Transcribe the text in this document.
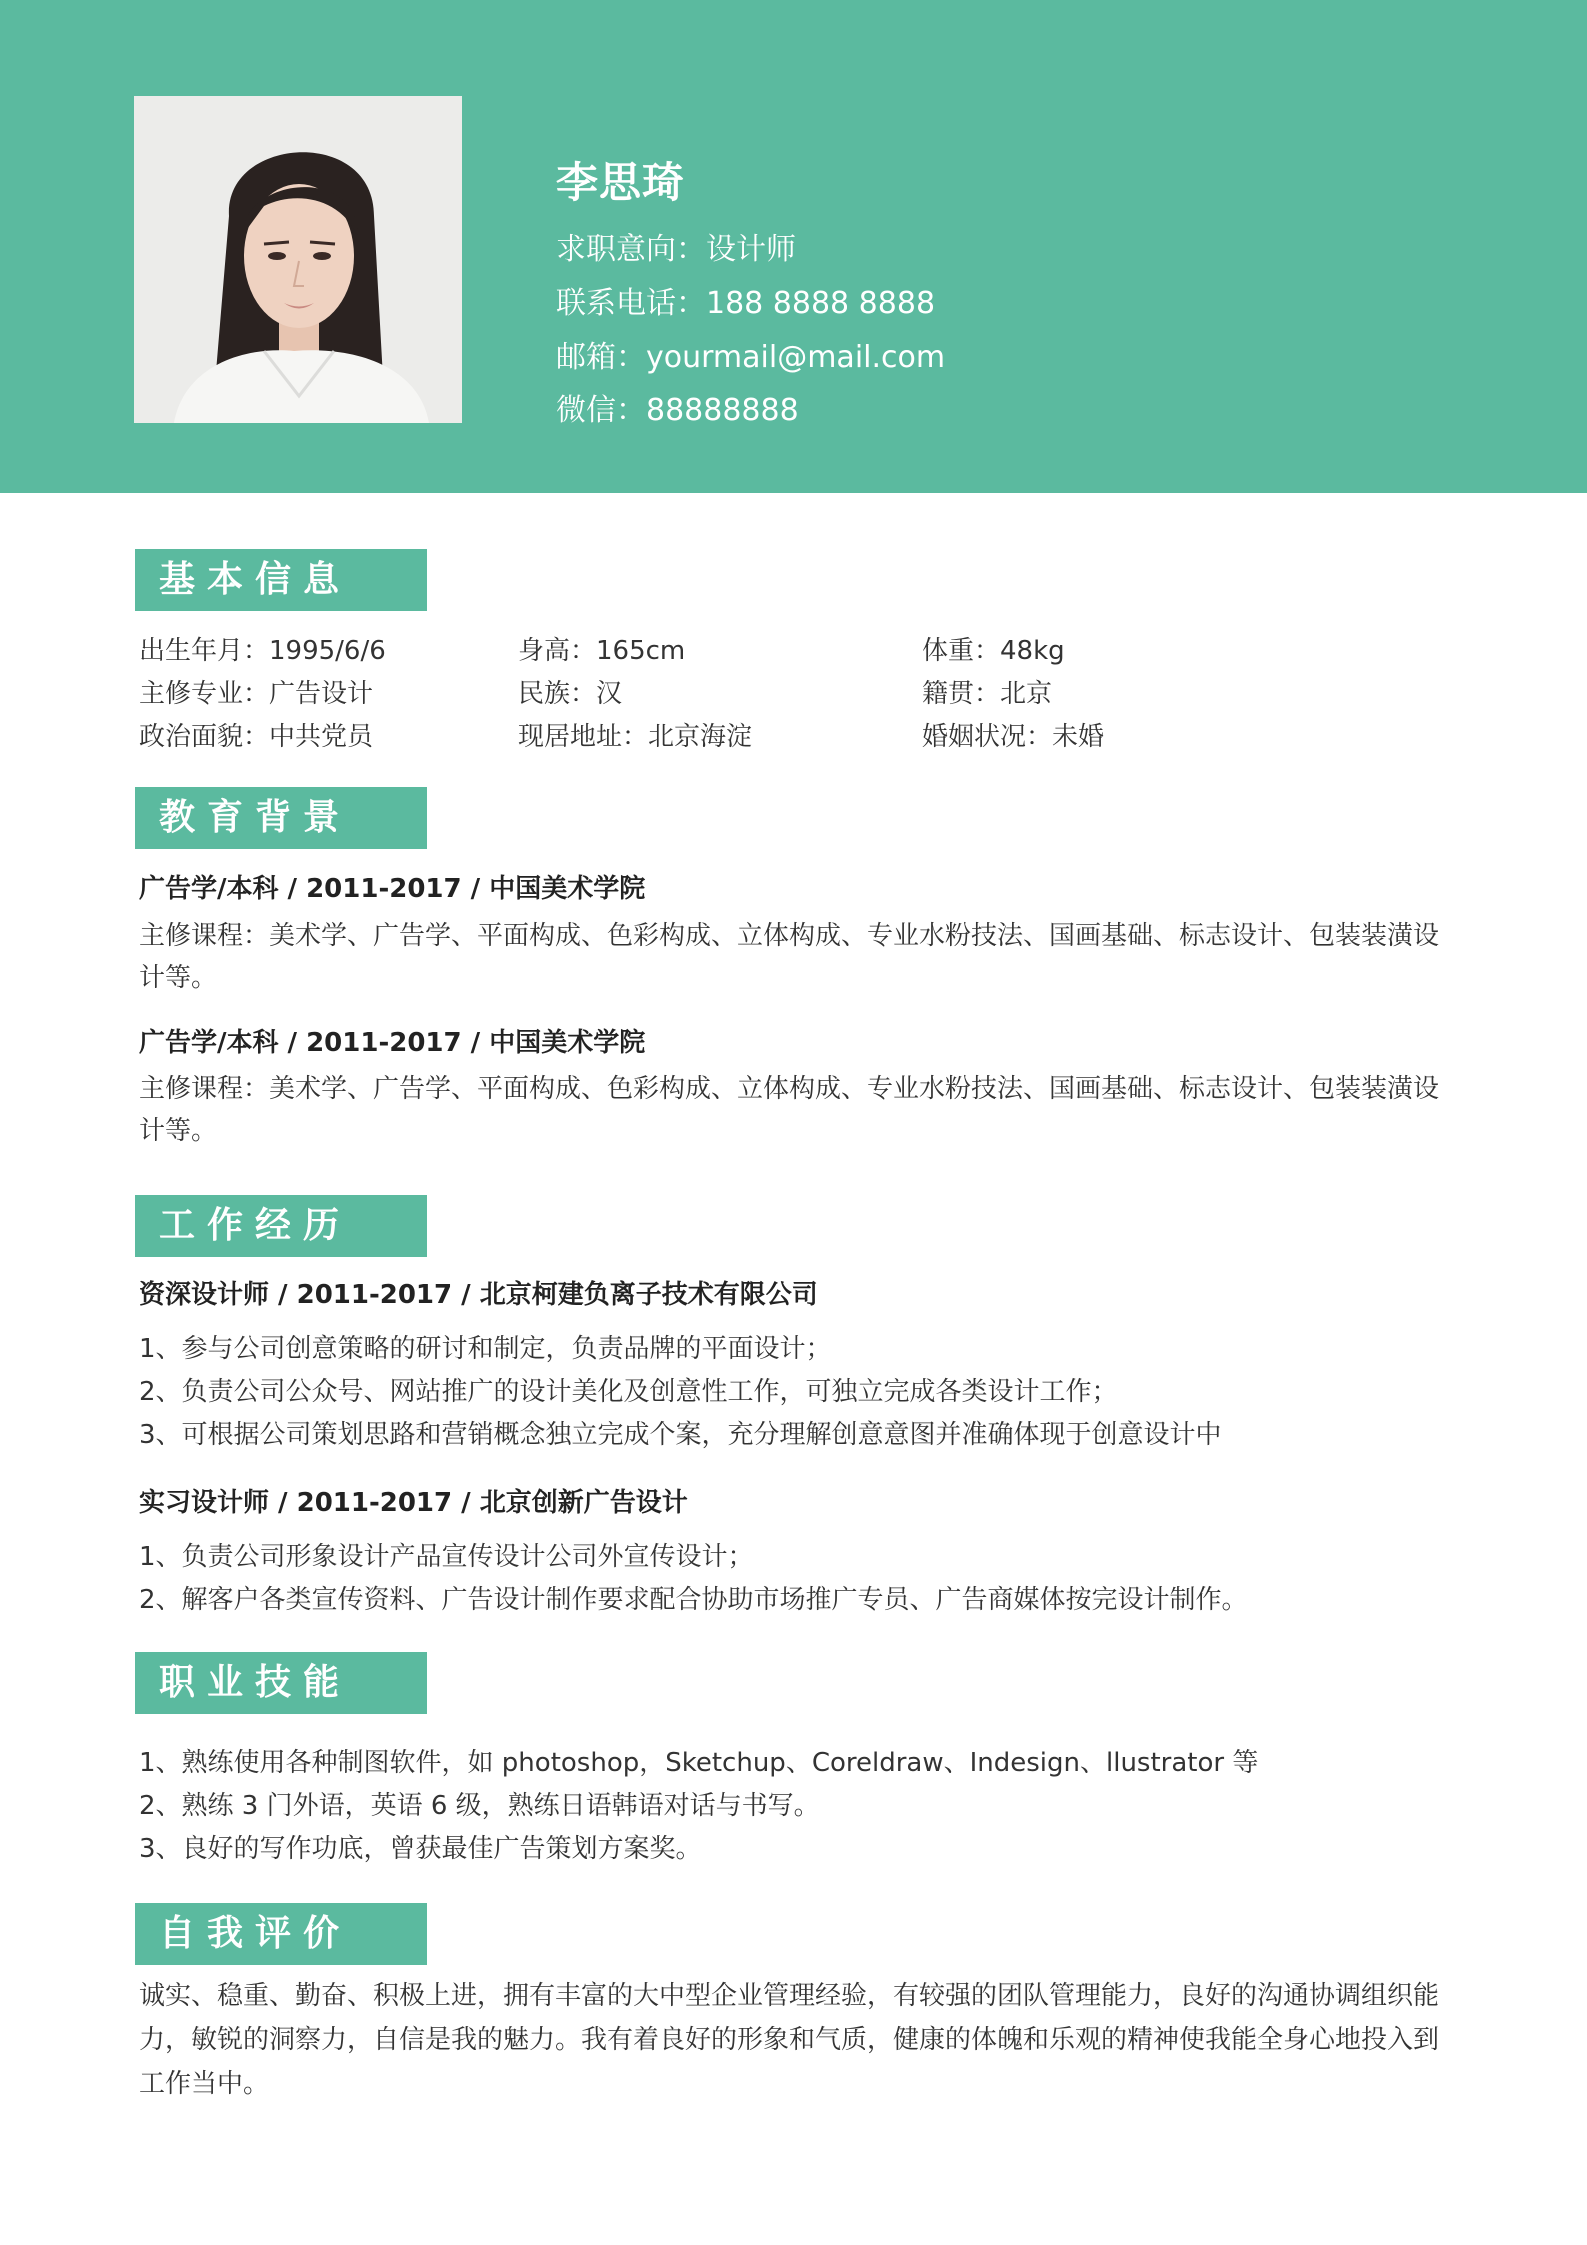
李思琦
求职意向：设计师
联系电话：188 8888 8888
邮箱：yourmail@mail.com
微信：88888888
基本信息
出生年月：1995/6/6	身高：165cm	体重：48kg
主修专业：广告设计	民族：汉	籍贯：北京
政治面貌：中共党员	现居地址：北京海淀	婚姻状况：未婚
教育背景
广告学/本科 / 2011-2017 / 中国美术学院
主修课程：美术学、广告学、平面构成、色彩构成、立体构成、专业水粉技法、国画基础、标志设计、包装装潢设计等。
广告学/本科 / 2011-2017 / 中国美术学院
主修课程：美术学、广告学、平面构成、色彩构成、立体构成、专业水粉技法、国画基础、标志设计、包装装潢设计等。
工作经历
资深设计师 / 2011-2017 / 北京柯建负离子技术有限公司
1、参与公司创意策略的研讨和制定，负责品牌的平面设计；
2、负责公司公众号、网站推广的设计美化及创意性工作，可独立完成各类设计工作；
3、可根据公司策划思路和营销概念独立完成个案，充分理解创意意图并准确体现于创意设计中
实习设计师 / 2011-2017 / 北京创新广告设计
1、负责公司形象设计产品宣传设计公司外宣传设计；
2、解客户各类宣传资料、广告设计制作要求配合协助市场推广专员、广告商媒体按完设计制作。
职业技能
1、熟练使用各种制图软件，如 photoshop，Sketchup、Coreldraw、Indesign、llustrator 等
2、熟练 3 门外语，英语 6 级，熟练日语韩语对话与书写。
3、良好的写作功底，曾获最佳广告策划方案奖。
自我评价
诚实、稳重、勤奋、积极上进，拥有丰富的大中型企业管理经验，有较强的团队管理能力，良好的沟通协调组织能力，敏锐的洞察力，自信是我的魅力。我有着良好的形象和气质，健康的体魄和乐观的精神使我能全身心地投入到工作当中。
